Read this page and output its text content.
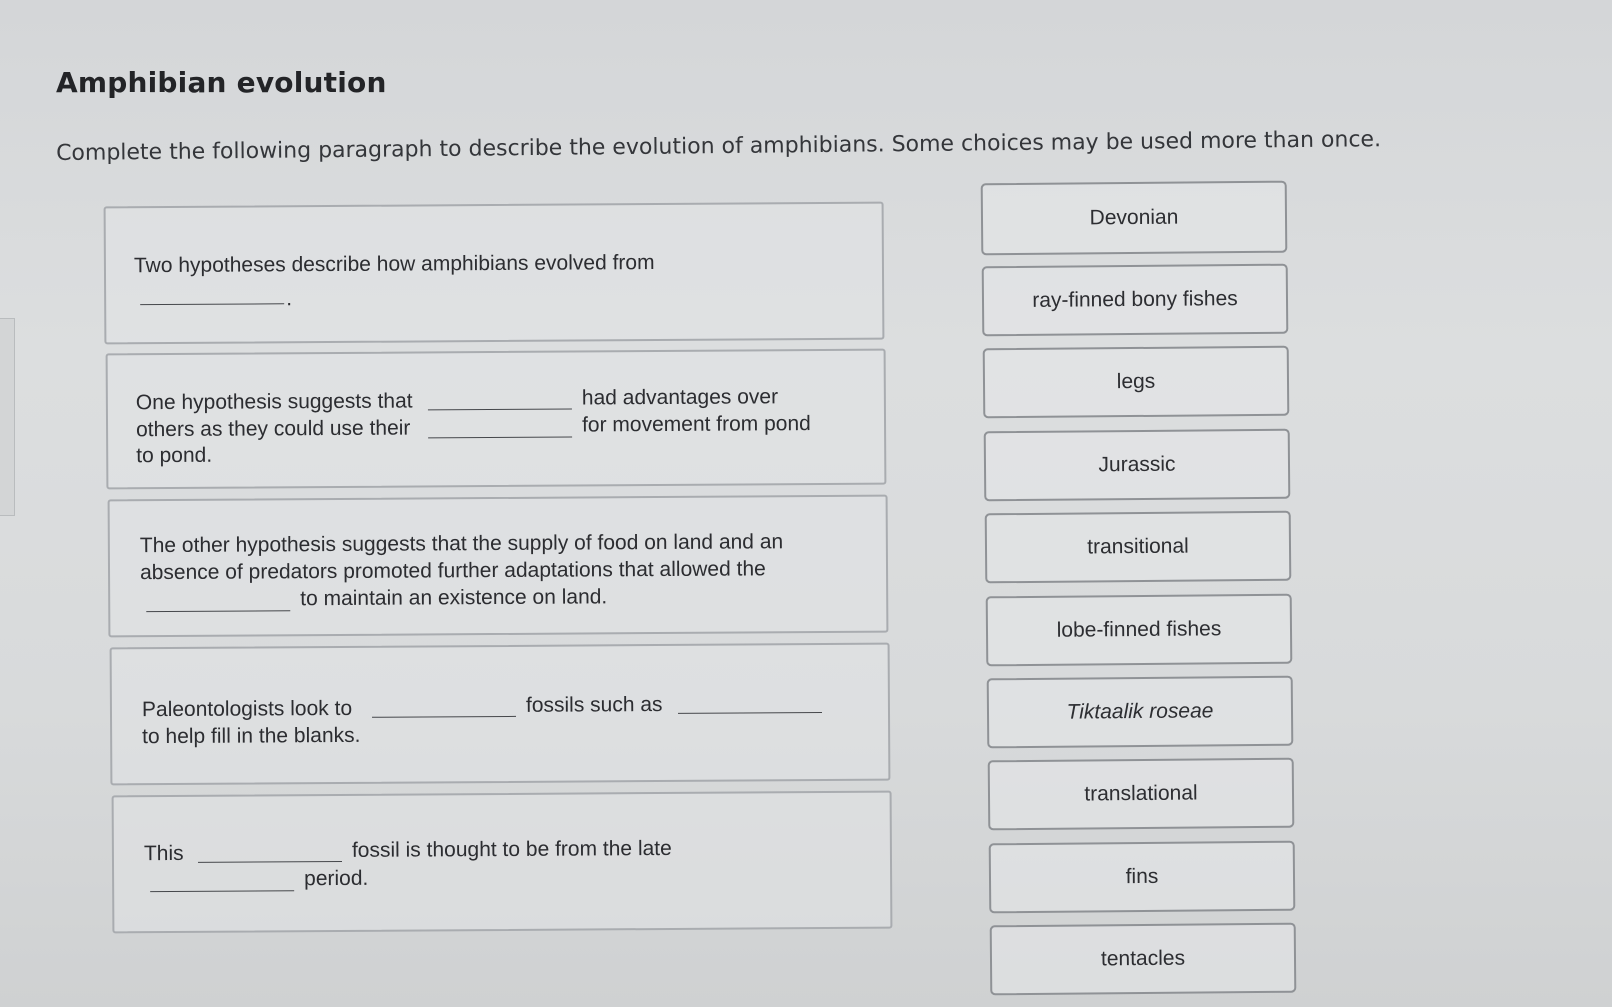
Amphibian evolution
Complete the following paragraph to describe the evolution of amphibians. Some choices may be used more than once.
Two hypotheses describe how amphibians evolved from
.
One hypothesis suggests that	had advantages over
others as they could use their	for movement from pond
to pond.
The other hypothesis suggests that the supply of food on land and an
absence of predators promoted further adaptations that allowed the
to maintain an existence on land.
Paleontologists look to	fossils such as
to help fill in the blanks.
This	fossil is thought to be from the late
period.
Devonian
ray-finned bony fishes
legs
Jurassic
transitional
lobe-finned fishes
Tiktaalik roseae
translational
fins
tentacles
